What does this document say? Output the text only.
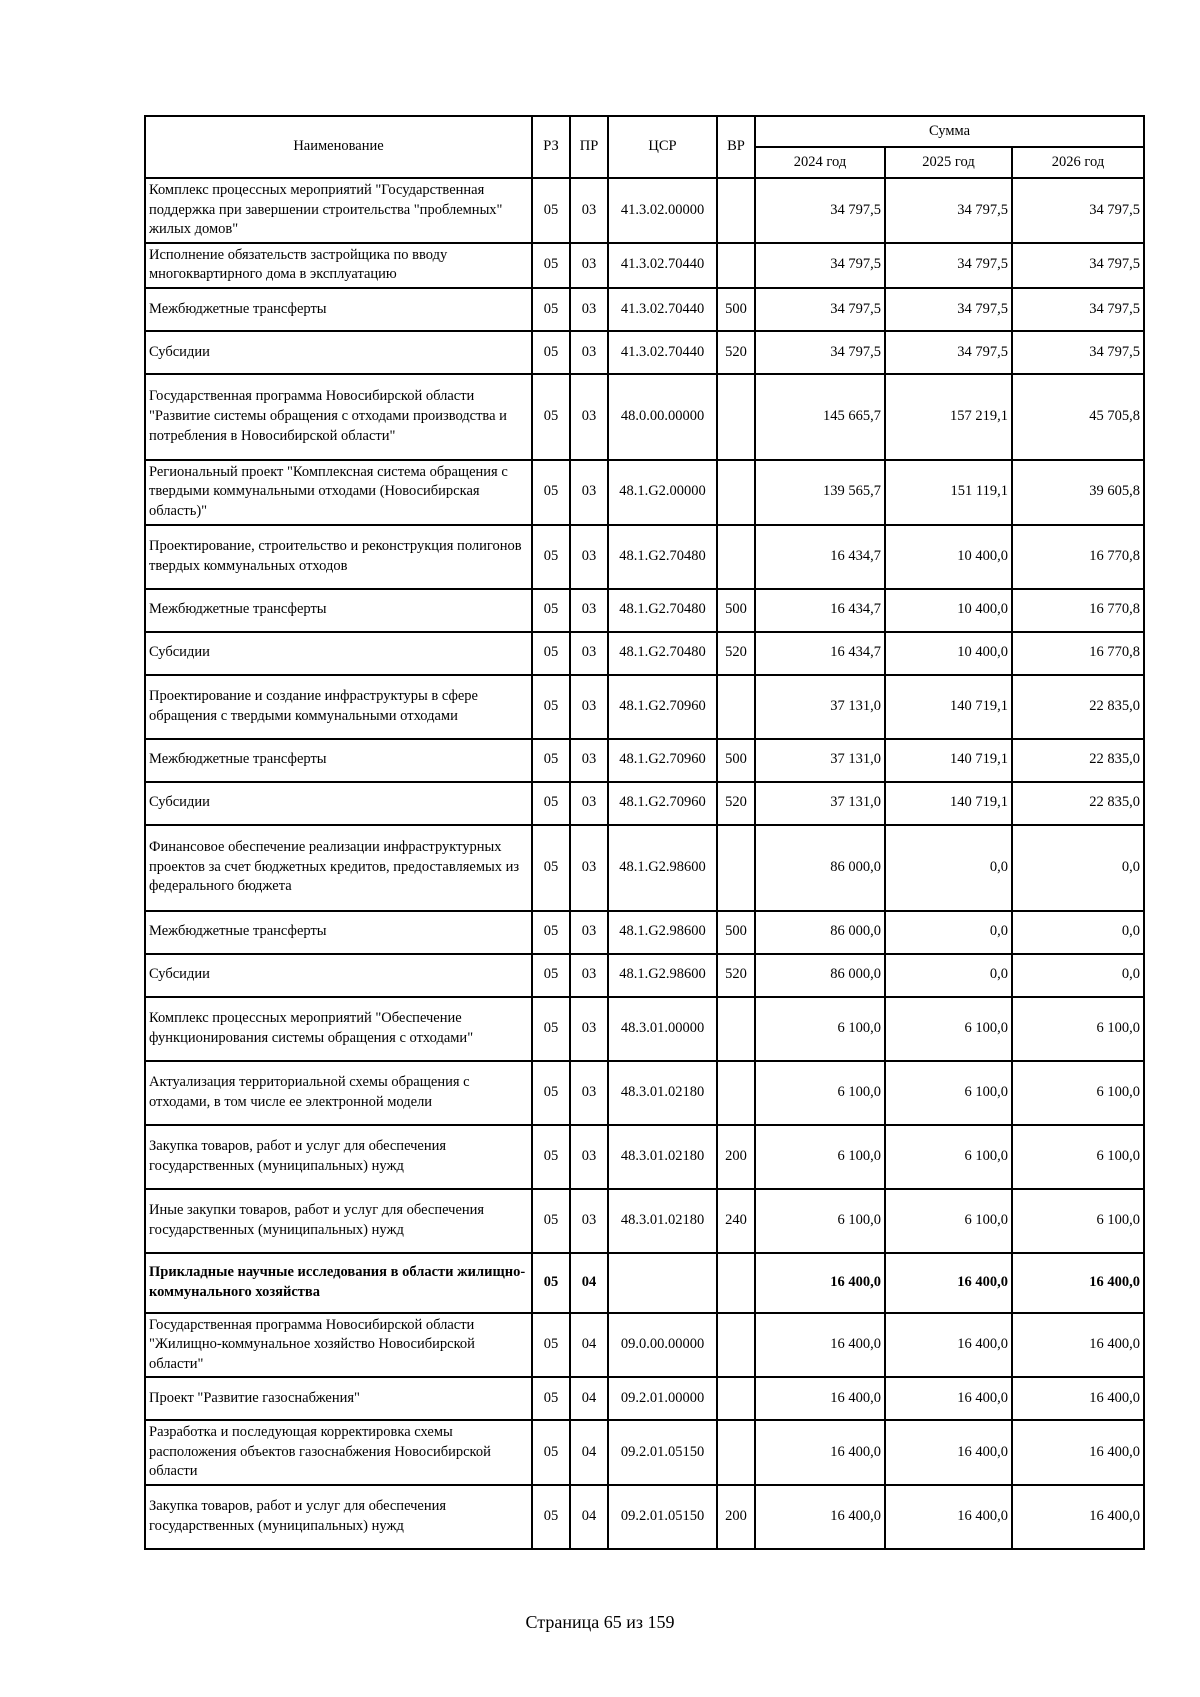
Наименование	РЗ	ПР	ЦСР	ВР	Сумма		
					2024 год	2025 год	2026 год
Комплекс процессных мероприятий "Государственная поддержка при завершении строительства "проблемных" жилых домов"	05	03	41.3.02.00000		34 797,5	34 797,5	34 797,5
Исполнение обязательств застройщика по вводу многоквартирного дома в эксплуатацию	05	03	41.3.02.70440		34 797,5	34 797,5	34 797,5
Межбюджетные трансферты	05	03	41.3.02.70440	500	34 797,5	34 797,5	34 797,5
Субсидии	05	03	41.3.02.70440	520	34 797,5	34 797,5	34 797,5
Государственная программа Новосибирской области "Развитие системы обращения с отходами производства и потребления в Новосибирской области"	05	03	48.0.00.00000		145 665,7	157 219,1	45 705,8
Региональный проект "Комплексная система обращения с твердыми коммунальными отходами (Новосибирская область)"	05	03	48.1.G2.00000		139 565,7	151 119,1	39 605,8
Проектирование, строительство и реконструкция полигонов твердых коммунальных отходов	05	03	48.1.G2.70480		16 434,7	10 400,0	16 770,8
Межбюджетные трансферты	05	03	48.1.G2.70480	500	16 434,7	10 400,0	16 770,8
Субсидии	05	03	48.1.G2.70480	520	16 434,7	10 400,0	16 770,8
Проектирование и создание инфраструктуры в сфере обращения с твердыми коммунальными отходами	05	03	48.1.G2.70960		37 131,0	140 719,1	22 835,0
Межбюджетные трансферты	05	03	48.1.G2.70960	500	37 131,0	140 719,1	22 835,0
Субсидии	05	03	48.1.G2.70960	520	37 131,0	140 719,1	22 835,0
Финансовое обеспечение реализации инфраструктурных проектов за счет бюджетных кредитов, предоставляемых из федерального бюджета	05	03	48.1.G2.98600		86 000,0	0,0	0,0
Межбюджетные трансферты	05	03	48.1.G2.98600	500	86 000,0	0,0	0,0
Субсидии	05	03	48.1.G2.98600	520	86 000,0	0,0	0,0
Комплекс процессных мероприятий "Обеспечение функционирования системы обращения с отходами"	05	03	48.3.01.00000		6 100,0	6 100,0	6 100,0
Актуализация территориальной схемы обращения с отходами, в том числе ее электронной модели	05	03	48.3.01.02180		6 100,0	6 100,0	6 100,0
Закупка товаров, работ и услуг для обеспечения государственных (муниципальных) нужд	05	03	48.3.01.02180	200	6 100,0	6 100,0	6 100,0
Иные закупки товаров, работ и услуг для обеспечения государственных (муниципальных) нужд	05	03	48.3.01.02180	240	6 100,0	6 100,0	6 100,0
Прикладные научные исследования в области жилищно-коммунального хозяйства	05	04			16 400,0	16 400,0	16 400,0
Государственная программа Новосибирской области "Жилищно-коммунальное хозяйство Новосибирской области"	05	04	09.0.00.00000		16 400,0	16 400,0	16 400,0
Проект "Развитие газоснабжения"	05	04	09.2.01.00000		16 400,0	16 400,0	16 400,0
Разработка и последующая корректировка схемы расположения объектов газоснабжения Новосибирской области	05	04	09.2.01.05150		16 400,0	16 400,0	16 400,0
Закупка товаров, работ и услуг для обеспечения государственных (муниципальных) нужд	05	04	09.2.01.05150	200	16 400,0	16 400,0	16 400,0
Страница 65 из 159
